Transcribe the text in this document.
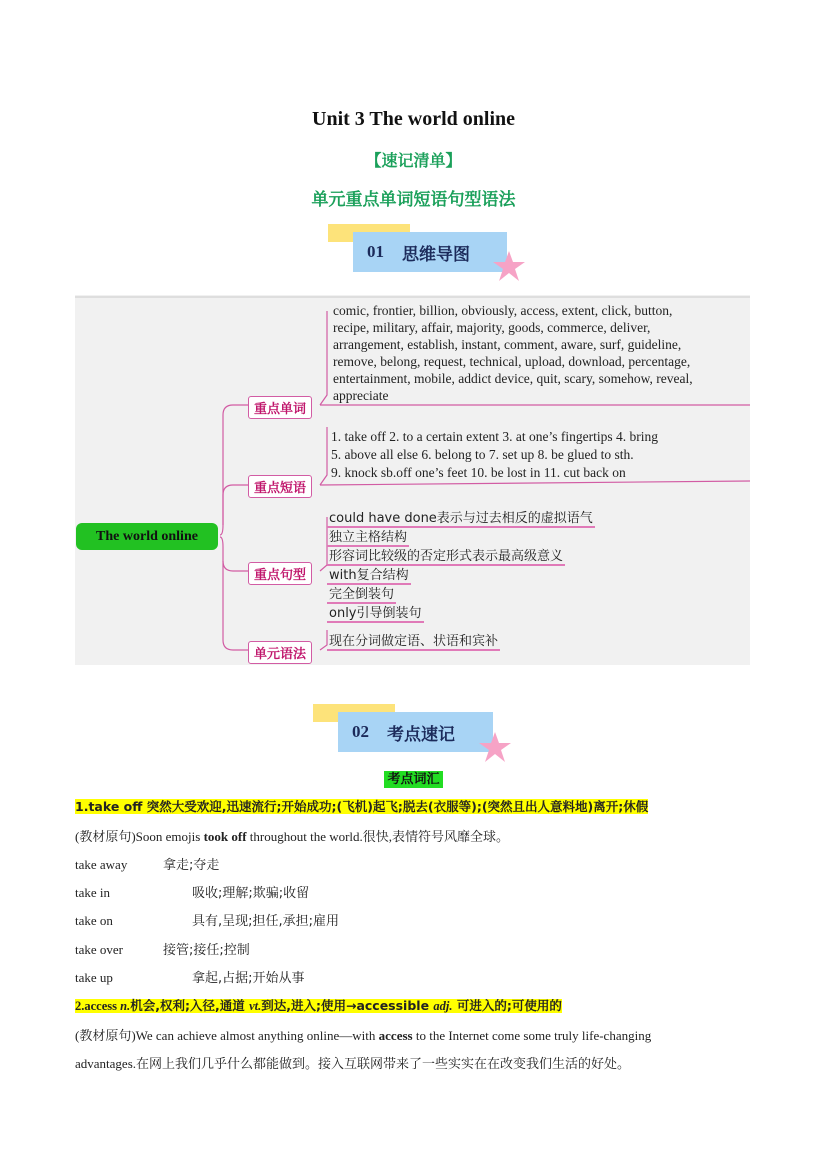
Unit 3 The world online
【速记清单】
单元重点单词短语句型语法
01 思维导图
The world online
重点单词
comic, frontier, billion, obviously, access, extent, click, button,
recipe, military, affair, majority, goods, commerce, deliver,
arrangement, establish, instant, comment, aware, surf, guideline,
remove, belong, request, technical, upload, download, percentage,
entertainment, mobile, addict device, quit, scary, somehow, reveal,
appreciate
重点短语
1. take off 2. to a certain extent 3. at one’s fingertips 4. bring
5. above all else 6. belong to 7. set up 8. be glued to sth.
9. knock sb.off one’s feet 10. be lost in 11. cut back on
重点句型
could have done表示与过去相反的虚拟语气
独立主格结构
形容词比较级的否定形式表示最高级意义
with复合结构
完全倒装句
only引导倒装句
单元语法
现在分词做定语、状语和宾补
02 考点速记
考点词汇
1.take off 突然大受欢迎,迅速流行;开始成功;(飞机)起飞;脱去(衣服等);(突然且出人意料地)离开;休假
(教材原句)Soon emojis took off throughout the world.很快,表情符号风靡全球。
take away	拿走;夺走
take in	吸收;理解;欺骗;收留
take on	具有,呈现;担任,承担;雇用
take over	接管;接任;控制
take up	拿起,占据;开始从事
2.access n.机会,权利;入径,通道 vt.到达,进入;使用→accessible adj. 可进入的;可使用的
(教材原句)We can achieve almost anything online—with access to the Internet come some truly life-changing
advantages.在网上我们几乎什么都能做到。接入互联网带来了一些实实在在改变我们生活的好处。
